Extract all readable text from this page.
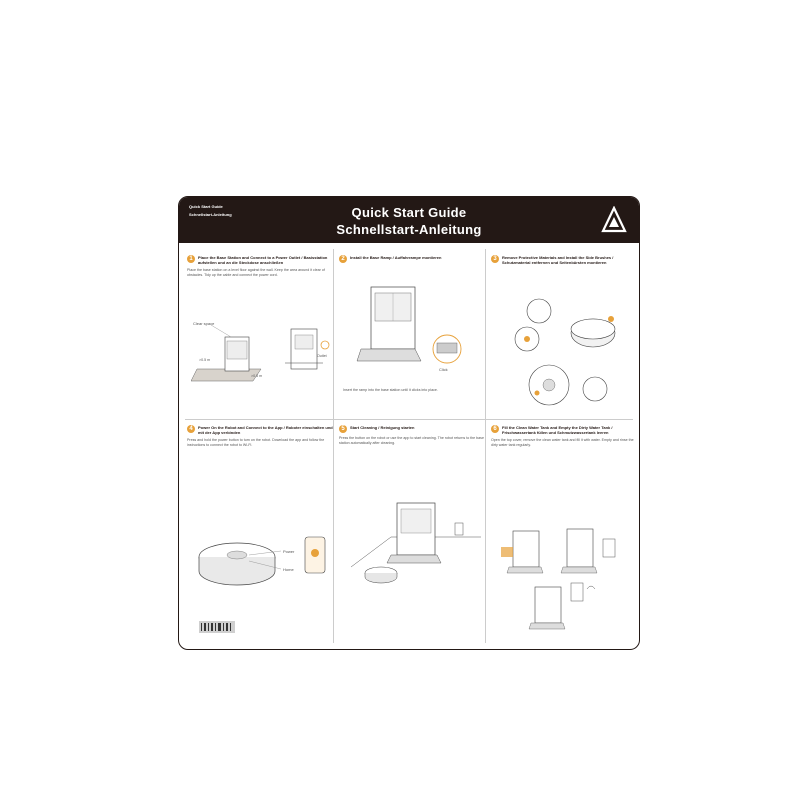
Quick Start Guide
Schnellstart-Anleitung	Quick Start Guide
Schnellstart-Anleitung
1	Place the Base Station and Connect to a Power Outlet / Basisstation aufstellen und an die Steckdose anschließen
Place the base station on a level floor against the wall. Keep the area around it clear of obstacles. Tidy up the cable and connect the power cord.
Clear space
>0.5 m
>0.5 m
Outlet
2	Install the Base Ramp / Auffahrrampe montieren
Click
Insert the ramp into the base station until it clicks into place.
3	Remove Protective Materials and Install the Side Brushes / Schutzmaterial entfernen und Seitenbürsten montieren
4	Power On the Robot and Connect to the App / Roboter einschalten und mit der App verbinden
Press and hold the power button to turn on the robot. Download the app and follow the instructions to connect the robot to Wi-Fi.
Power
Home
5	Start Cleaning / Reinigung starten
Press the button on the robot or use the app to start cleaning. The robot returns to the base station automatically after cleaning.
6	Fill the Clean Water Tank and Empty the Dirty Water Tank / Frischwassertank füllen und Schmutzwassertank leeren
Open the top cover, remove the clean water tank and fill it with water. Empty and rinse the dirty water tank regularly.
